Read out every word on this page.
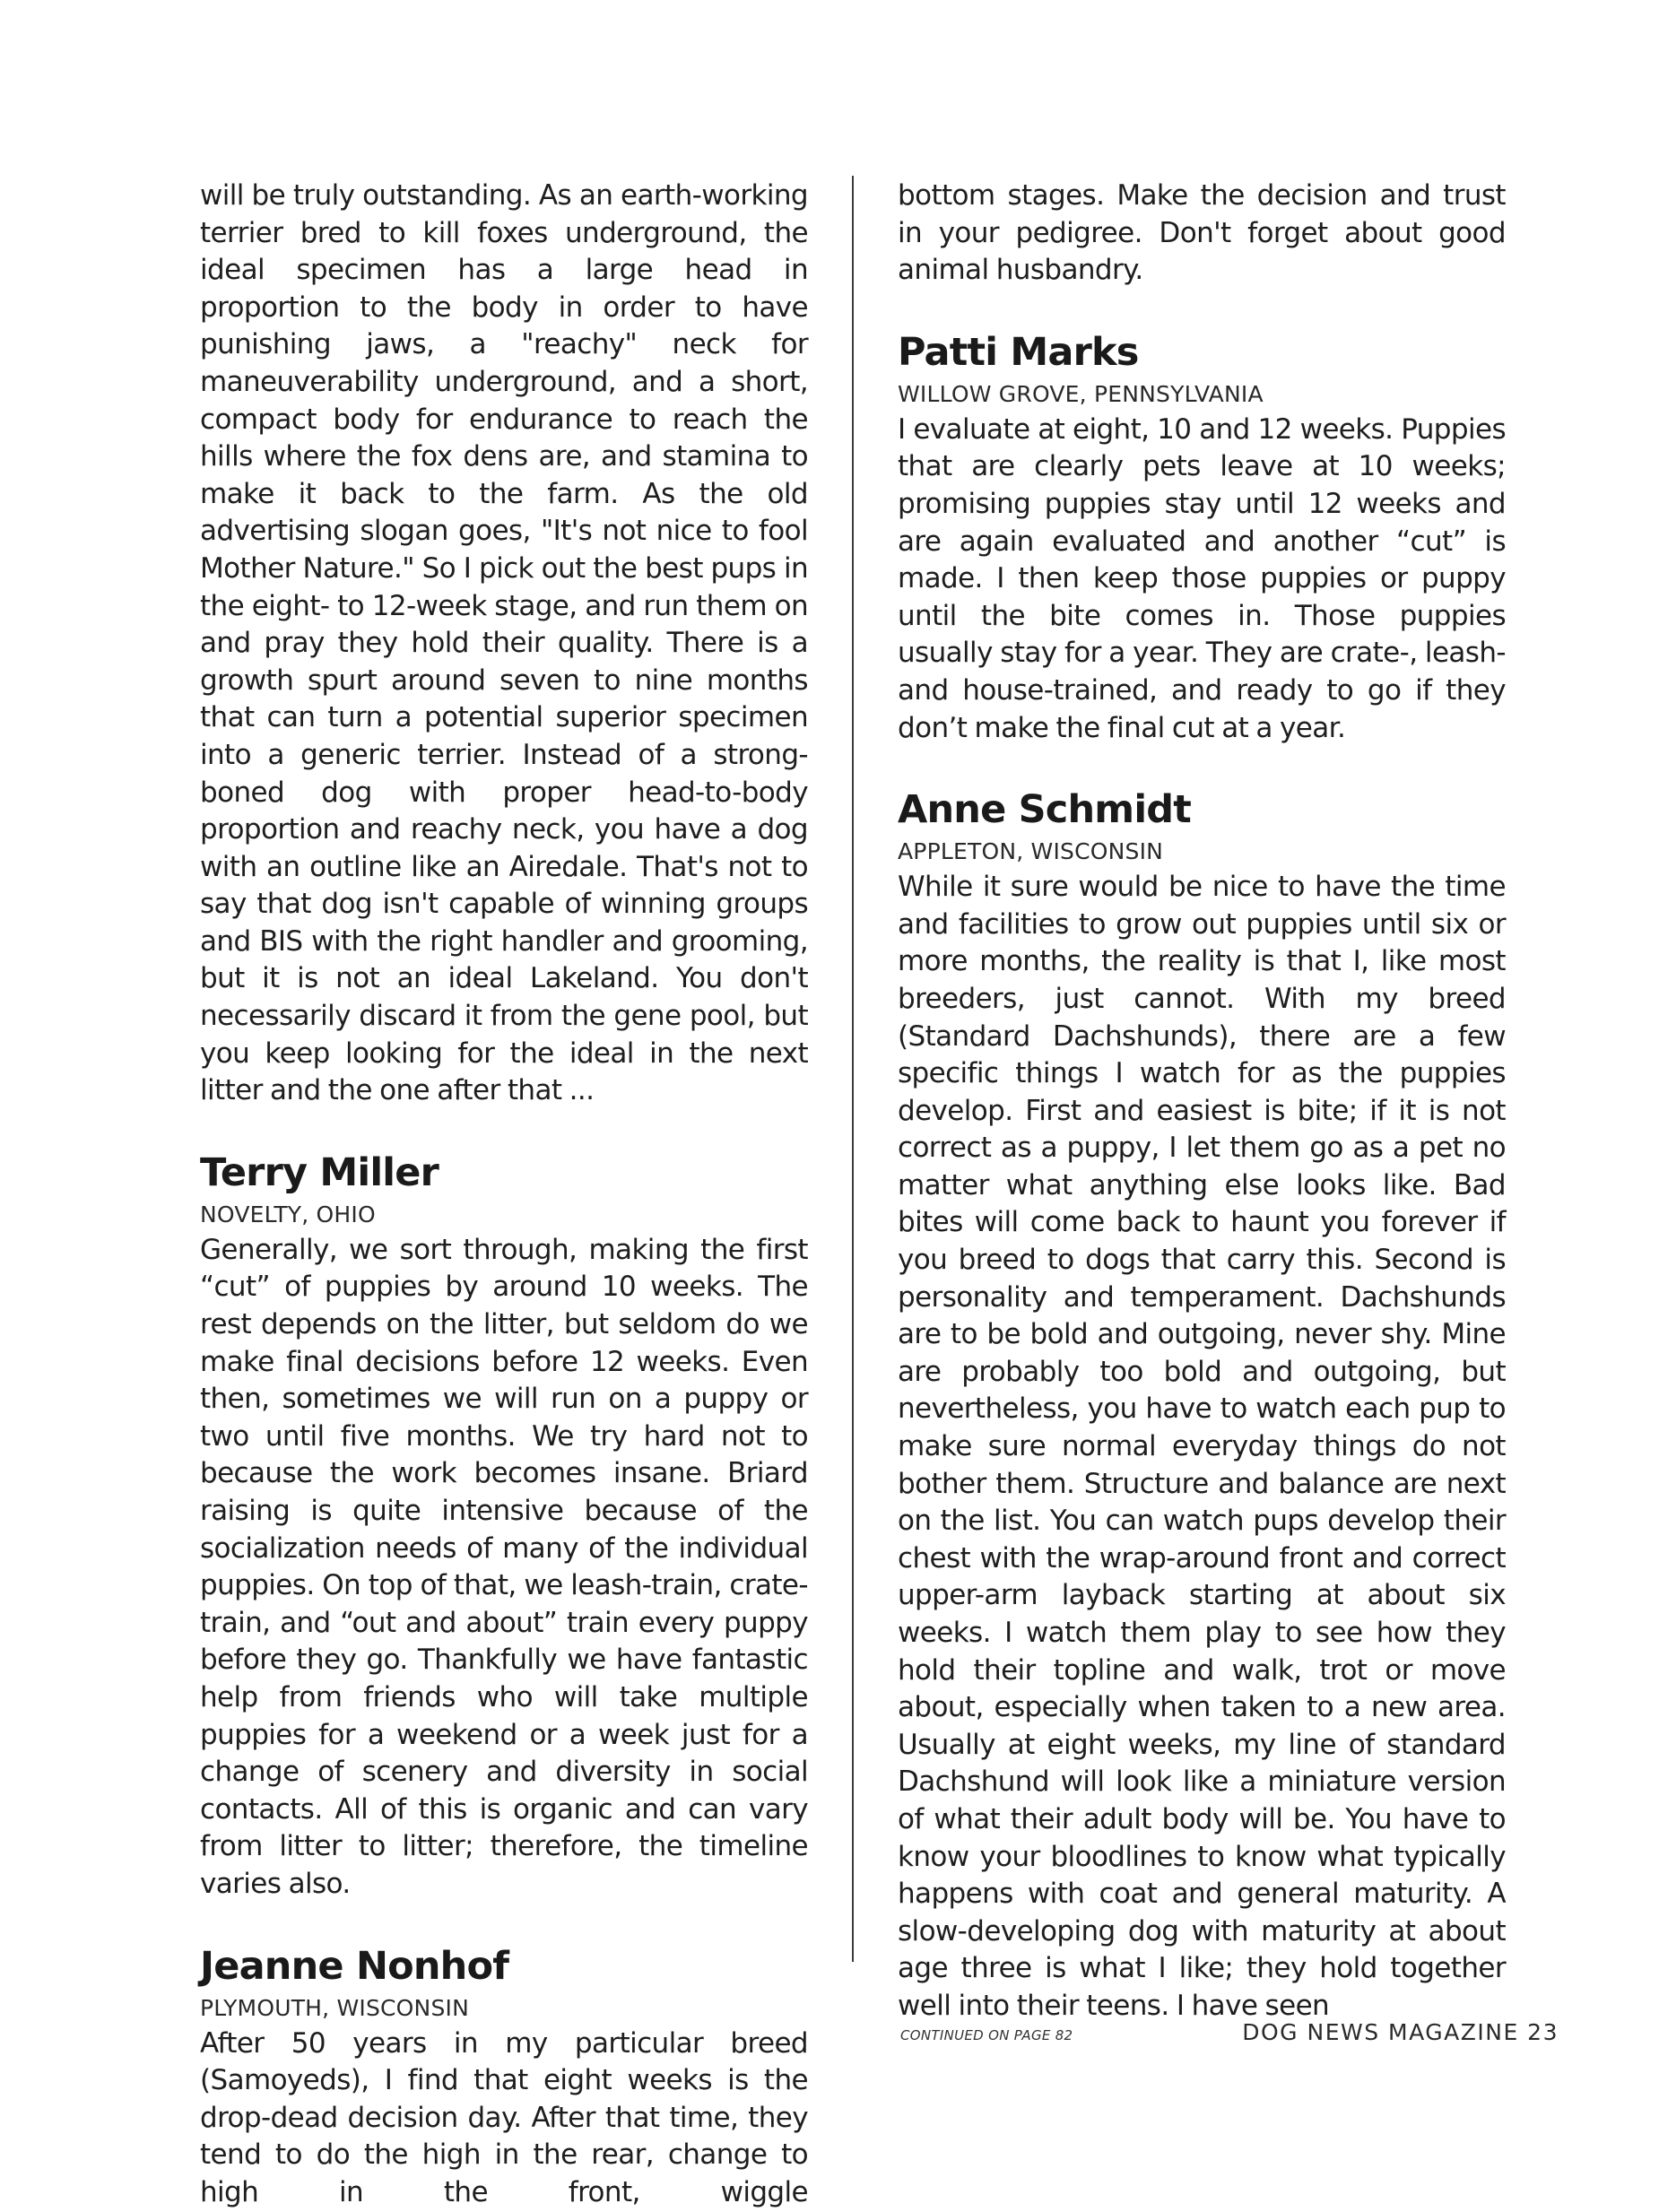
will be truly outstanding. As an earth-working terrier bred to kill foxes underground, the ideal specimen has a large head in proportion to the body in order to have punishing jaws, a "reachy" neck for maneuverability underground, and a short, compact body for endurance to reach the hills where the fox dens are, and stamina to make it back to the farm. As the old advertising slogan goes, "It's not nice to fool Mother Nature." So I pick out the best pups in the eight- to 12-week stage, and run them on and pray they hold their quality. There is a growth spurt around seven to nine months that can turn a potential superior specimen into a generic terrier. Instead of a strong-boned dog with proper head-to-body proportion and reachy neck, you have a dog with an outline like an Airedale. That's not to say that dog isn't capable of winning groups and BIS with the right handler and grooming, but it is not an ideal Lakeland. You don't necessarily discard it from the gene pool, but you keep looking for the ideal in the next litter and the one after that ...

Terry Miller
NOVELTY, OHIO

Generally, we sort through, making the first “cut” of puppies by around 10 weeks. The rest depends on the litter, but seldom do we make final decisions before 12 weeks. Even then, sometimes we will run on a puppy or two until five months. We try hard not to because the work becomes insane. Briard raising is quite intensive because of the socialization needs of many of the individual puppies. On top of that, we leash-train, crate-train, and “out and about” train every puppy before they go. Thankfully we have fantastic help from friends who will take multiple puppies for a weekend or a week just for a change of scenery and diversity in social contacts. All of this is organic and can vary from litter to litter; therefore, the timeline varies also.

Jeanne Nonhof
PLYMOUTH, WISCONSIN

After 50 years in my particular breed (Samoyeds), I find that eight weeks is the drop-dead decision day. After that time, they tend to do the high in the rear, change to high in the front, wiggle

bottom stages. Make the decision and trust in your pedigree. Don't forget about good animal husbandry.

Patti Marks
WILLOW GROVE, PENNSYLVANIA

I evaluate at eight, 10 and 12 weeks. Puppies that are clearly pets leave at 10 weeks; promising puppies stay until 12 weeks and are again evaluated and another “cut” is made. I then keep those puppies or puppy until the bite comes in. Those puppies usually stay for a year. They are crate-, leash- and house-trained, and ready to go if they don’t make the final cut at a year.

Anne Schmidt
APPLETON, WISCONSIN

While it sure would be nice to have the time and facilities to grow out puppies until six or more months, the reality is that I, like most breeders, just cannot. With my breed (Standard Dachshunds), there are a few specific things I watch for as the puppies develop. First and easiest is bite; if it is not correct as a puppy, I let them go as a pet no matter what anything else looks like. Bad bites will come back to haunt you forever if you breed to dogs that carry this. Second is personality and temperament. Dachshunds are to be bold and outgoing, never shy. Mine are probably too bold and outgoing, but nevertheless, you have to watch each pup to make sure normal everyday things do not bother them. Structure and balance are next on the list. You can watch pups develop their chest with the wrap-around front and correct upper-arm layback starting at about six weeks. I watch them play to see how they hold their topline and walk, trot or move about, especially when taken to a new area. Usually at eight weeks, my line of standard Dachshund will look like a miniature version of what their adult body will be. You have to know your bloodlines to know what typically happens with coat and general maturity. A slow-developing dog with maturity at about age three is what I like; they hold together well into their teens. I have seen

CONTINUED ON PAGE 82	DOG NEWS MAGAZINE 23
